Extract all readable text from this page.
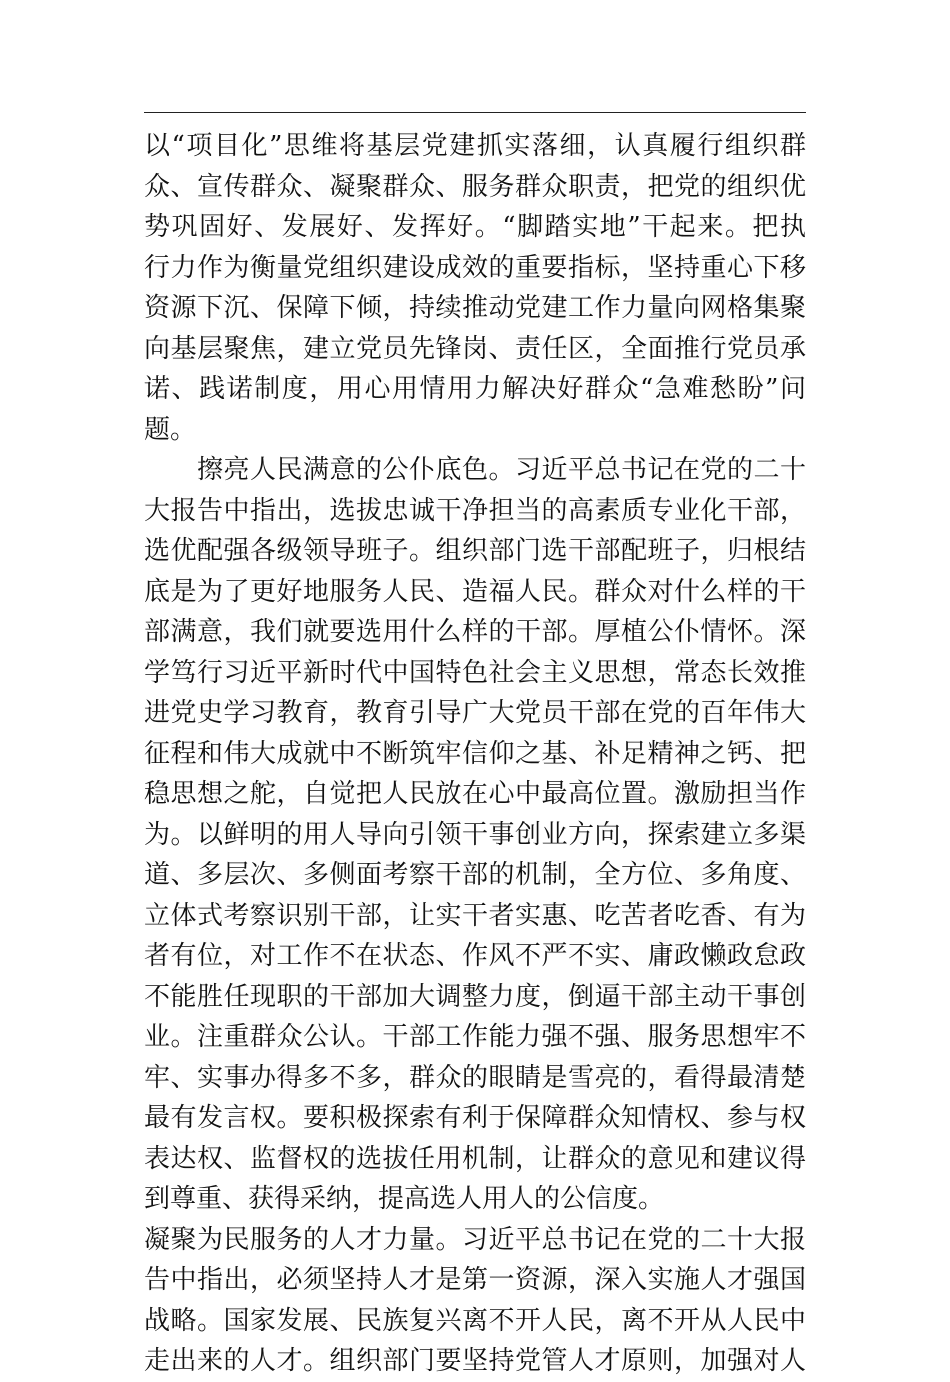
以“项目化”思维将基层党建抓实落细，认真履行组织群
众、宣传群众、凝聚群众、服务群众职责，把党的组织优
势巩固好、发展好、发挥好。“脚踏实地”干起来。把执
行力作为衡量党组织建设成效的重要指标，坚持重心下移
资源下沉、保障下倾，持续推动党建工作力量向网格集聚
向基层聚焦，建立党员先锋岗、责任区，全面推行党员承
诺、践诺制度，用心用情用力解决好群众“急难愁盼”问
题。
擦亮人民满意的公仆底色。习近平总书记在党的二十
大报告中指出，选拔忠诚干净担当的高素质专业化干部，
选优配强各级领导班子。组织部门选干部配班子，归根结
底是为了更好地服务人民、造福人民。群众对什么样的干
部满意，我们就要选用什么样的干部。厚植公仆情怀。深
学笃行习近平新时代中国特色社会主义思想，常态长效推
进党史学习教育，教育引导广大党员干部在党的百年伟大
征程和伟大成就中不断筑牢信仰之基、补足精神之钙、把
稳思想之舵，自觉把人民放在心中最高位置。激励担当作
为。以鲜明的用人导向引领干事创业方向，探索建立多渠
道、多层次、多侧面考察干部的机制，全方位、多角度、
立体式考察识别干部，让实干者实惠、吃苦者吃香、有为
者有位，对工作不在状态、作风不严不实、庸政懒政怠政
不能胜任现职的干部加大调整力度，倒逼干部主动干事创
业。注重群众公认。干部工作能力强不强、服务思想牢不
牢、实事办得多不多，群众的眼睛是雪亮的，看得最清楚
最有发言权。要积极探索有利于保障群众知情权、参与权
表达权、监督权的选拔任用机制，让群众的意见和建议得
到尊重、获得采纳，提高选人用人的公信度。
凝聚为民服务的人才力量。习近平总书记在党的二十大报
告中指出，必须坚持人才是第一资源，深入实施人才强国
战略。国家发展、民族复兴离不开人民，离不开从人民中
走出来的人才。组织部门要坚持党管人才原则，加强对人
